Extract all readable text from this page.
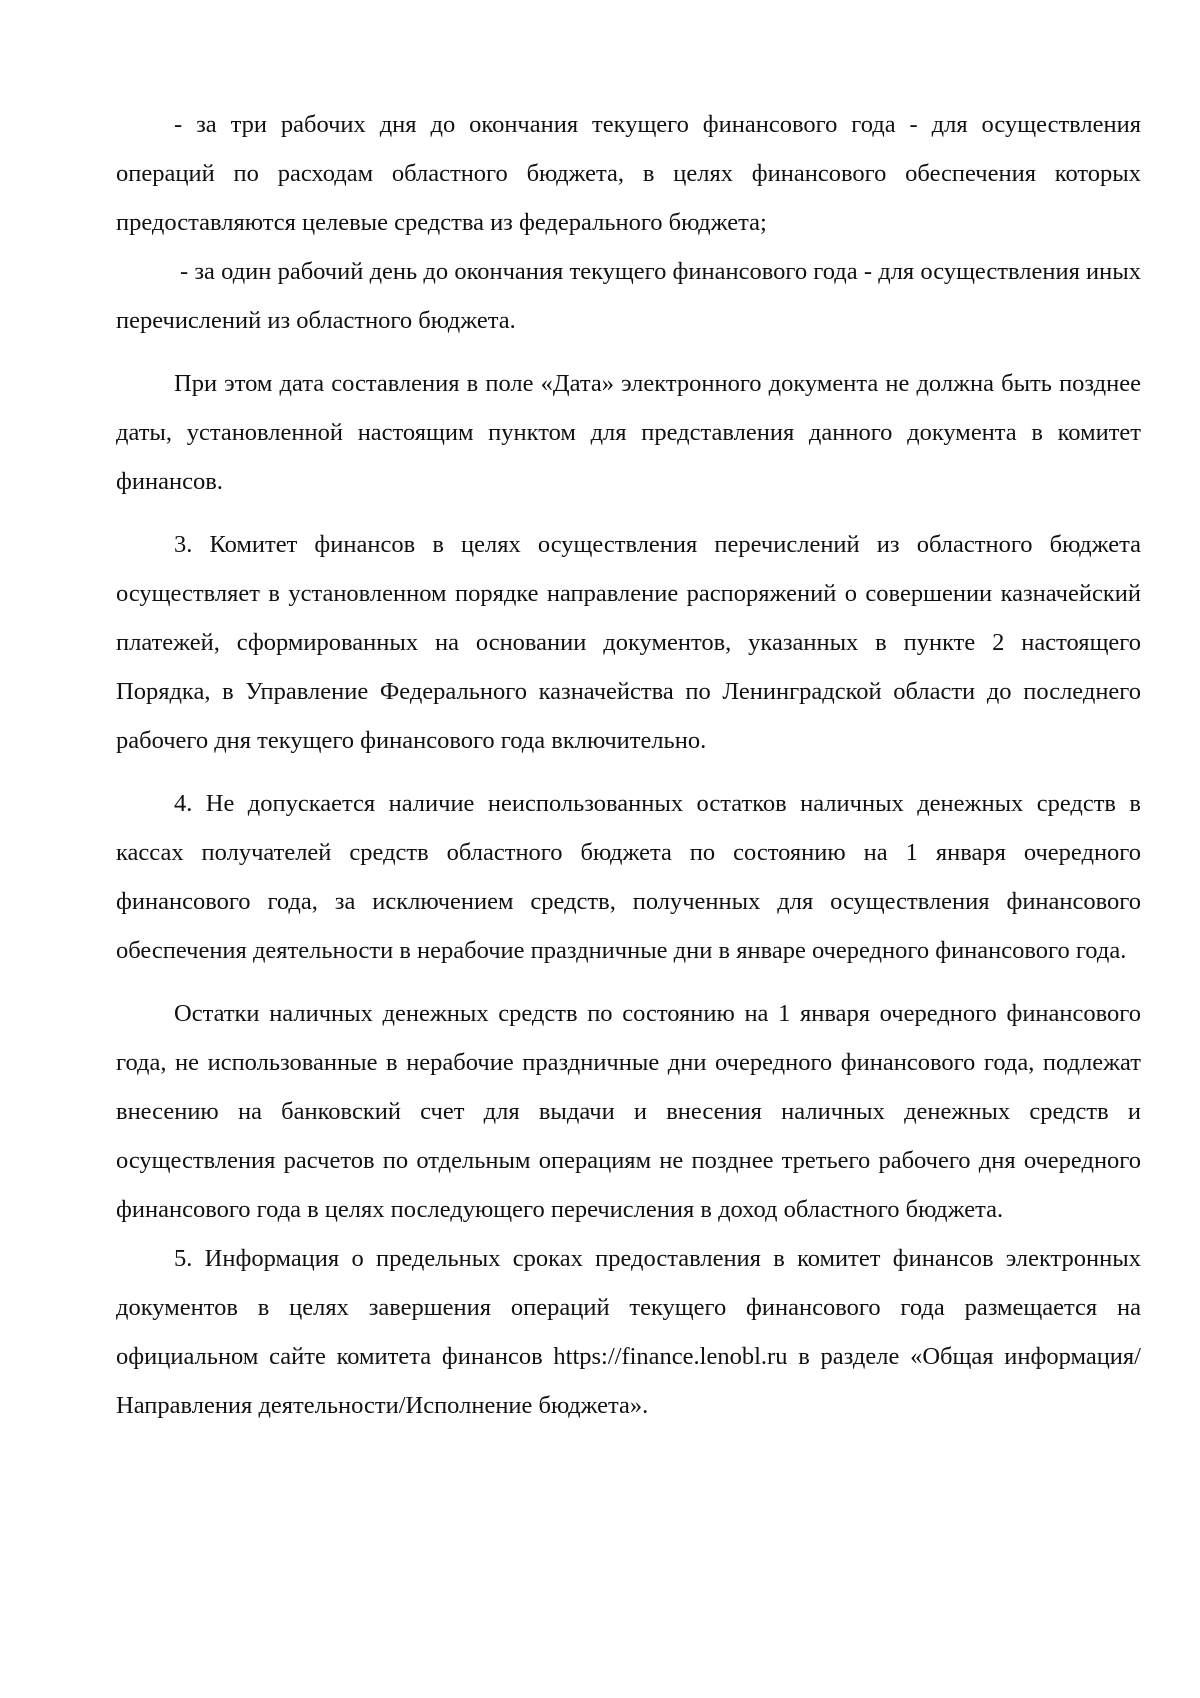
- за три рабочих дня до окончания текущего финансового года - для осуществления операций по расходам областного бюджета, в целях финансового обеспечения которых предоставляются целевые средства из федерального бюджета;

- за один рабочий день до окончания текущего финансового года - для осуществления иных перечислений из областного бюджета.

При этом дата составления в поле «Дата» электронного документа не должна быть позднее даты, установленной настоящим пунктом для представления данного документа в комитет финансов.

3. Комитет финансов в целях осуществления перечислений из областного бюджета осуществляет в установленном порядке направление распоряжений о совершении казначейский платежей, сформированных на основании документов, указанных в пункте 2 настоящего Порядка, в Управление Федерального казначейства по Ленинградской области до последнего рабочего дня текущего финансового года включительно.

4. Не допускается наличие неиспользованных остатков наличных денежных средств в кассах получателей средств областного бюджета по состоянию на 1 января очередного финансового года, за исключением средств, полученных для осуществления финансового обеспечения деятельности в нерабочие праздничные дни в январе очередного финансового года.

Остатки наличных денежных средств по состоянию на 1 января очередного финансового года, не использованные в нерабочие праздничные дни очередного финансового года, подлежат внесению на банковский счет для выдачи и внесения наличных денежных средств и осуществления расчетов по отдельным операциям не позднее третьего рабочего дня очередного финансового года в целях последующего перечисления в доход областного бюджета.

5. Информация о предельных сроках предоставления в комитет финансов электронных документов в целях завершения операций текущего финансового года размещается на официальном сайте комитета финансов https://finance.lenobl.ru в разделе «Общая информация/Направления деятельности/Исполнение бюджета».
